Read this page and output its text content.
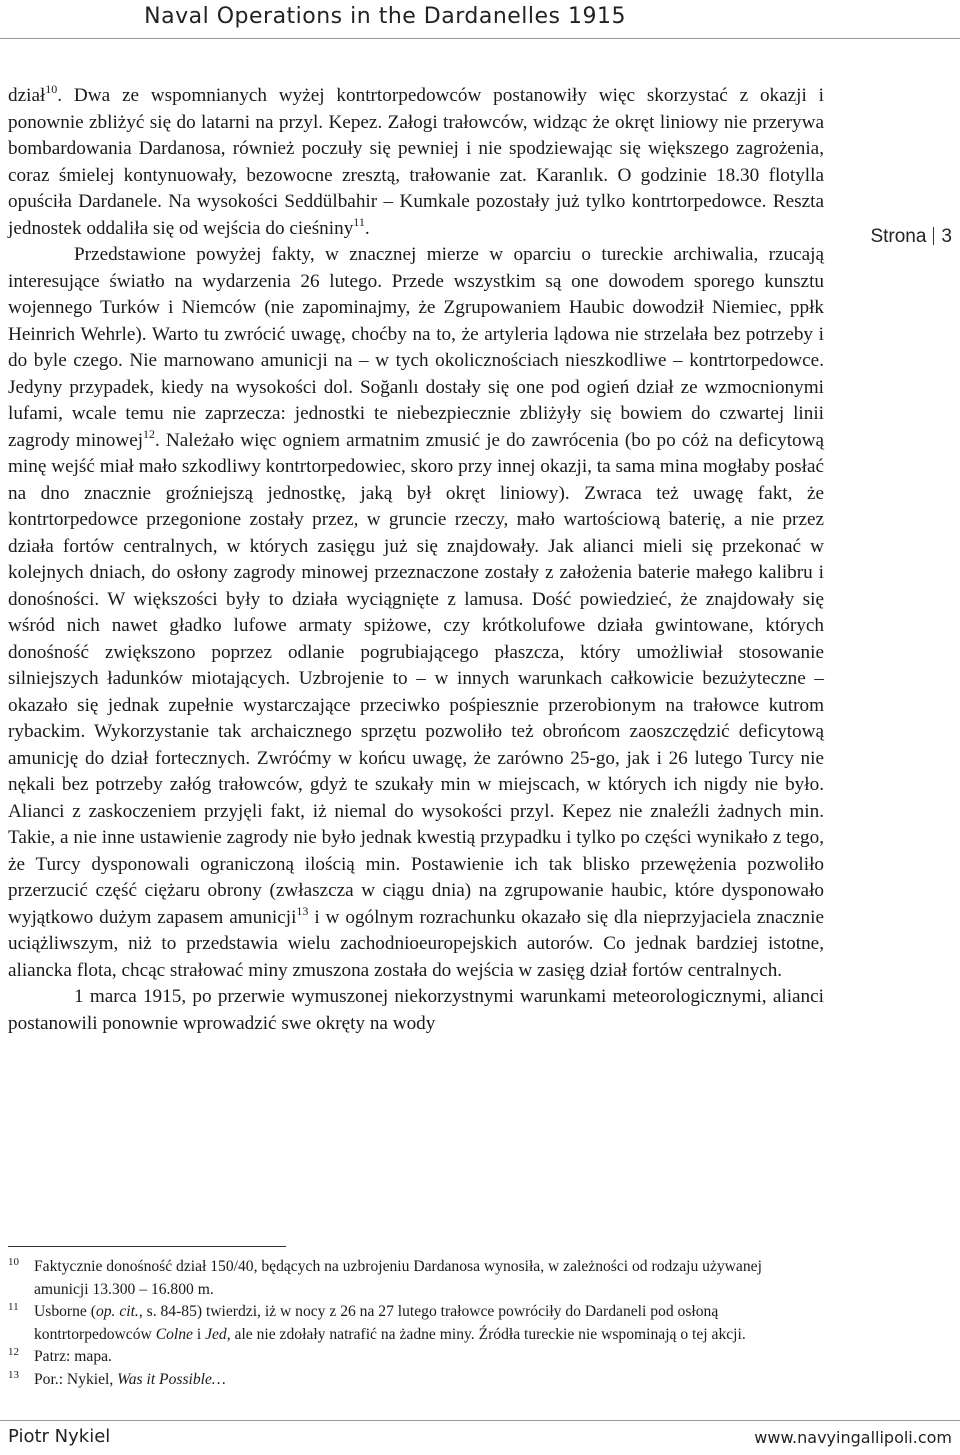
Naval Operations in the Dardanelles 1915
Strona 3

dział$^{10}$. Dwa ze wspomnianych wyżej kontrtorpedowców postanowiły więc skorzystać z okazji i ponownie zbliżyć się do latarni na przyl. Kepez. Załogi trałowców, widząc że okręt liniowy nie przerywa bombardowania Dardanosa, również poczuły się pewniej i nie spodziewając się większego zagrożenia, coraz śmielej kontynuowały, bezowocne zresztą, trałowanie zat. Karanlık. O godzinie 18.30 flotylla opuściła Dardanele. Na wysokości Seddülbahir – Kumkale pozostały już tylko kontrtorpedowce. Reszta jednostek oddaliła się od wejścia do cieśniny$^{11}$.

Przedstawione powyżej fakty, w znacznej mierze w oparciu o tureckie archiwalia, rzucają interesujące światło na wydarzenia 26 lutego. Przede wszystkim są one dowodem sporego kunsztu wojennego Turków i Niemców (nie zapominajmy, że Zgrupowaniem Haubic dowodził Niemiec, ppłk Heinrich Wehrle). Warto tu zwrócić uwagę, choćby na to, że artyleria lądowa nie strzelała bez potrzeby i do byle czego. Nie marnowano amunicji na – w tych okolicznościach nieszkodliwe – kontrtorpedowce. Jedyny przypadek, kiedy na wysokości dol. Soğanlı dostały się one pod ogień dział ze wzmocnionymi lufami, wcale temu nie zaprzecza: jednostki te niebezpiecznie zbliżyły się bowiem do czwartej linii zagrody minowej$^{12}$. Należało więc ogniem armatnim zmusić je do zawrócenia (bo po cóż na deficytową minę wejść miał mało szkodliwy kontrtorpedowiec, skoro przy innej okazji, ta sama mina mogłaby posłać na dno znacznie groźniejszą jednostkę, jaką był okręt liniowy). Zwraca też uwagę fakt, że kontrtorpedowce przegonione zostały przez, w gruncie rzeczy, mało wartościową baterię, a nie przez działa fortów centralnych, w których zasięgu już się znajdowały. Jak alianci mieli się przekonać w kolejnych dniach, do osłony zagrody minowej przeznaczone zostały z założenia baterie małego kalibru i donośności. W większości były to działa wyciągnięte z lamusa. Dość powiedzieć, że znajdowały się wśród nich nawet gładko lufowe armaty spiżowe, czy krótkolufowe działa gwintowane, których donośność zwiększono poprzez odlanie pogrubiającego płaszcza, który umożliwiał stosowanie silniejszych ładunków miotających. Uzbrojenie to – w innych warunkach całkowicie bezużyteczne – okazało się jednak zupełnie wystarczające przeciwko pośpiesznie przerobionym na trałowce kutrom rybackim. Wykorzystanie tak archaicznego sprzętu pozwoliło też obrońcom zaoszczędzić deficytową amunicję do dział fortecznych. Zwróćmy w końcu uwagę, że zarówno 25-go, jak i 26 lutego Turcy nie nękali bez potrzeby załóg trałowców, gdyż te szukały min w miejscach, w których ich nigdy nie było. Alianci z zaskoczeniem przyjęli fakt, iż niemal do wysokości przyl. Kepez nie znaleźli żadnych min. Takie, a nie inne ustawienie zagrody nie było jednak kwestią przypadku i tylko po części wynikało z tego, że Turcy dysponowali ograniczoną ilością min. Postawienie ich tak blisko przewężenia pozwoliło przerzucić część ciężaru obrony (zwłaszcza w ciągu dnia) na zgrupowanie haubic, które dysponowało wyjątkowo dużym zapasem amunicji$^{13}$ i w ogólnym rozrachunku okazało się dla nieprzyjaciela znacznie uciążliwszym, niż to przedstawia wielu zachodnioeuropejskich autorów. Co jednak bardziej istotne, aliancka flota, chcąc strałować miny zmuszona została do wejścia w zasięg dział fortów centralnych.

1 marca 1915, po przerwie wymuszonej niekorzystnymi warunkami meteorologicznymi, alianci postanowili ponownie wprowadzić swe okręty na wody

10 Faktycznie donośność dział 150/40, będących na uzbrojeniu Dardanosa wynosiła, w zależności od rodzaju używanej amunicji 13.300 – 16.800 m.
11 Usborne (op. cit., s. 84-85) twierdzi, iż w nocy z 26 na 27 lutego trałowce powróciły do Dardaneli pod osłoną kontrtorpedowców Colne i Jed, ale nie zdołały natrafić na żadne miny. Źródła tureckie nie wspominają o tej akcji.
12 Patrz: mapa.
13 Por.: Nykiel, Was it Possible…
Piotr Nykiel	www.navyingallipoli.com
